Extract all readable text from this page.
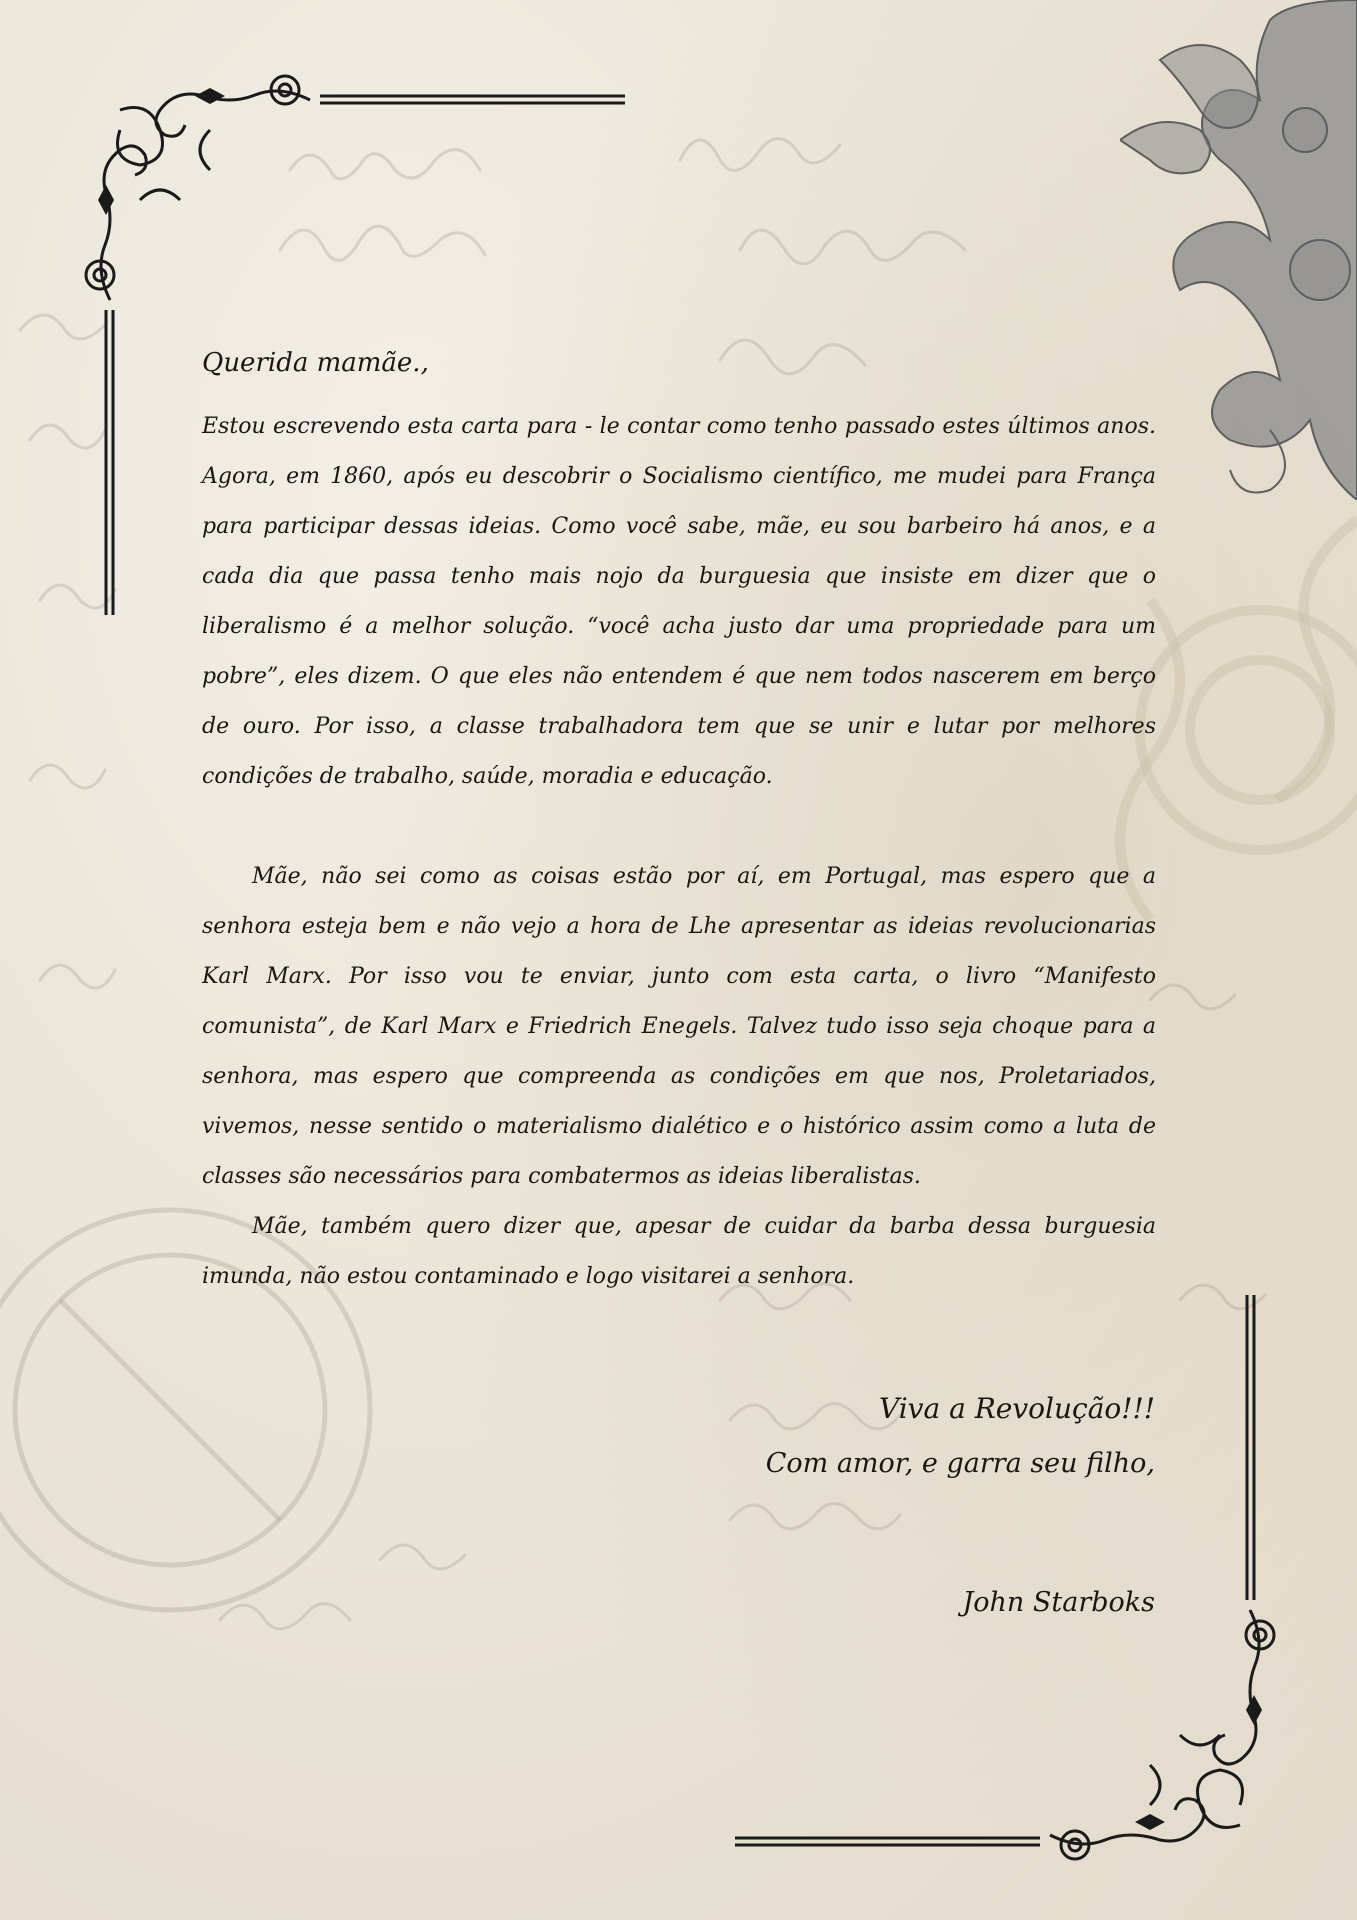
Querida mamãe.,

Estou escrevendo esta carta para - le contar como tenho passado estes últimos anos. Agora, em 1860, após eu descobrir o Socialismo científico, me mudei para França para participar dessas ideias. Como você sabe, mãe, eu sou barbeiro há anos, e a cada dia que passa tenho mais nojo da burguesia que insiste em dizer que o liberalismo é a melhor solução. “você acha justo dar uma propriedade para um pobre”, eles dizem. O que eles não entendem é que nem todos nascerem em berço de ouro. Por isso, a classe trabalhadora tem que se unir e lutar por melhores condições de trabalho, saúde, moradia e educação.

Mãe, não sei como as coisas estão por aí, em Portugal, mas espero que a senhora esteja bem e não vejo a hora de Lhe apresentar as ideias revolucionarias Karl Marx. Por isso vou te enviar, junto com esta carta, o livro “Manifesto comunista”, de Karl Marx e Friedrich Enegels. Talvez tudo isso seja choque para a senhora, mas espero que compreenda as condições em que nos, Proletariados, vivemos, nesse sentido o materialismo dialético e o histórico assim como a luta de classes são necessários para combatermos as ideias liberalistas.

Mãe, também quero dizer que, apesar de cuidar da barba dessa burguesia imunda, não estou contaminado e logo visitarei a senhora.

Viva a Revolução!!!
Com amor, e garra seu filho,
John Starboks
